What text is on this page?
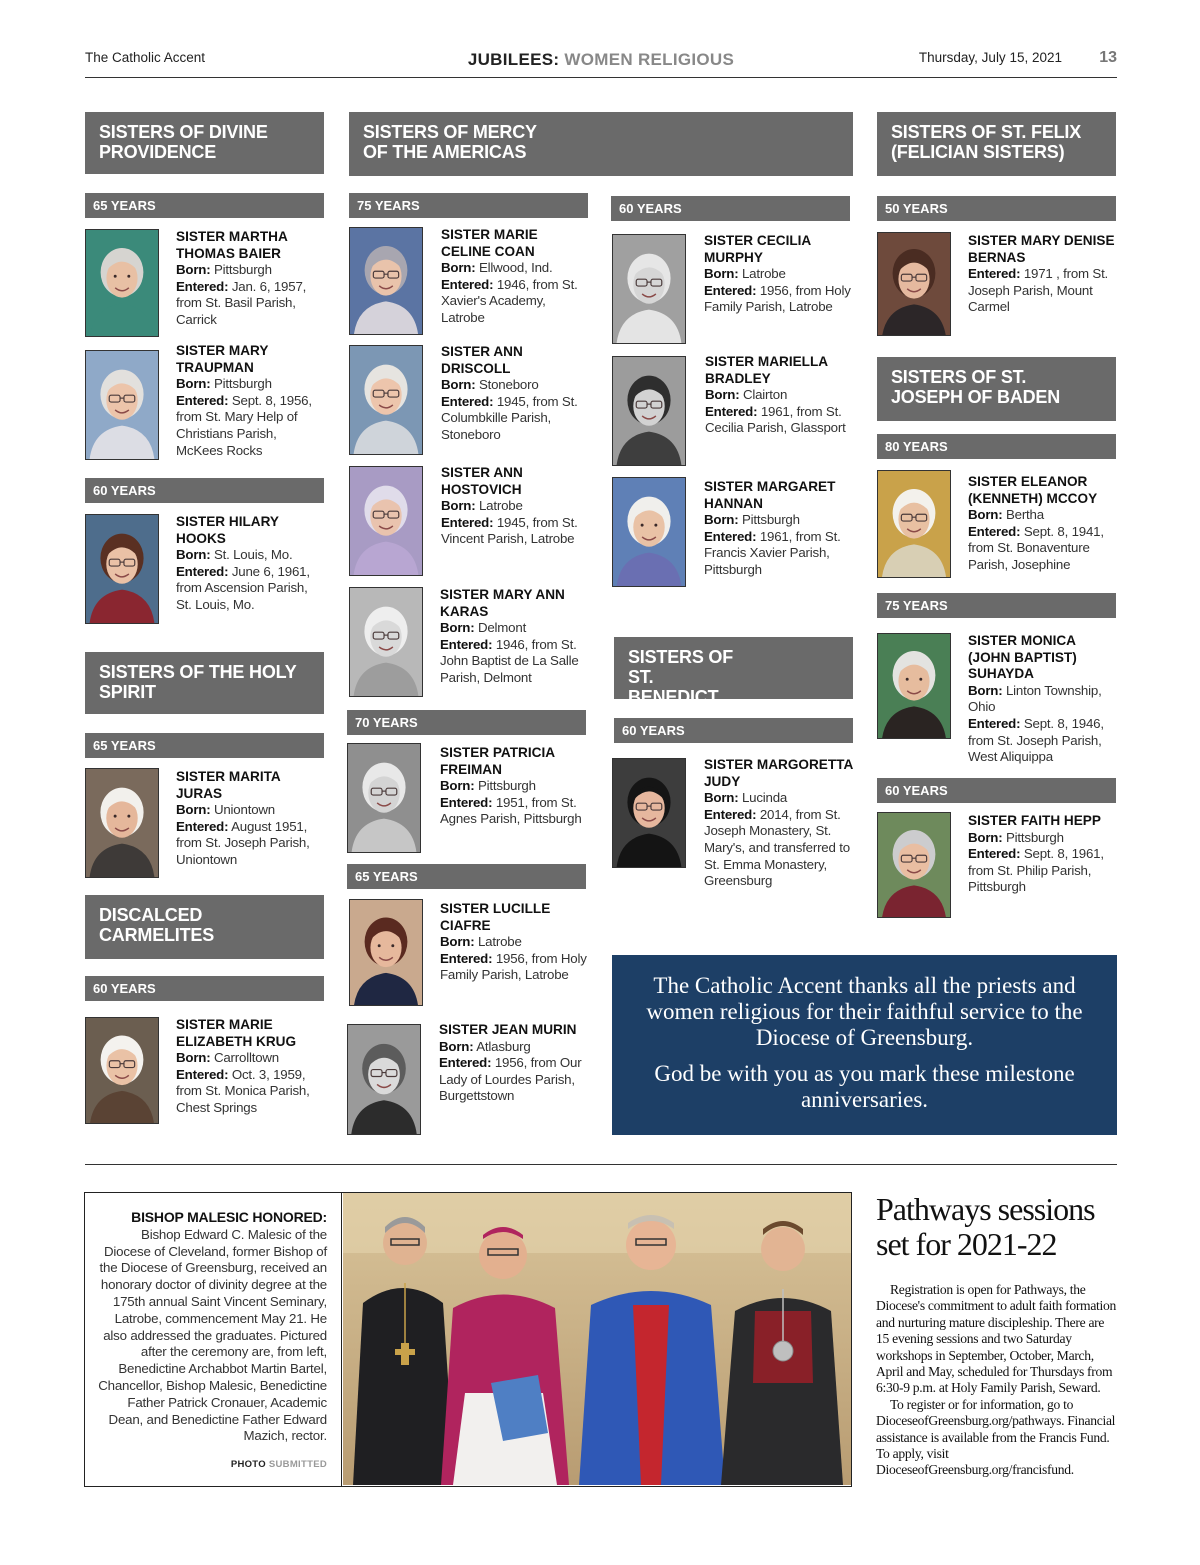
The Catholic Accent	JUBILEES: WOMEN RELIGIOUS	Thursday, July 15, 2021 13
SISTERS OF DIVINE PROVIDENCE
SISTERS OF MERCY OF THE AMERICAS
SISTERS OF ST. FELIX (FELICIAN SISTERS)
SISTERS OF ST. JOSEPH OF BADEN
SISTERS OF THE HOLY SPIRIT
DISCALCED CARMELITES
SISTERS OF ST. BENEDICT
65 YEARS
60 YEARS
65 YEARS
60 YEARS
75 YEARS
70 YEARS
65 YEARS
60 YEARS
60 YEARS
50 YEARS
80 YEARS
75 YEARS
60 YEARS
SISTER MARTHA THOMAS BAIER
Born: Pittsburgh
Entered: Jan. 6, 1957, from St. Basil Parish, Carrick
SISTER MARY TRAUPMAN
Born: Pittsburgh
Entered: Sept. 8, 1956, from St. Mary Help of Christians Parish, McKees Rocks
SISTER HILARY HOOKS
Born: St. Louis, Mo.
Entered: June 6, 1961, from Ascension Parish, St. Louis, Mo.
SISTER MARITA JURAS
Born: Uniontown
Entered: August 1951, from St. Joseph Parish, Uniontown
SISTER MARIE ELIZABETH KRUG
Born: Carrolltown
Entered: Oct. 3, 1959, from St. Monica Parish, Chest Springs
SISTER MARIE CELINE COAN
Born: Ellwood, Ind.
Entered: 1946, from St. Xavier's Academy, Latrobe
SISTER ANN DRISCOLL
Born: Stoneboro
Entered: 1945, from St. Columbkille Parish, Stoneboro
SISTER ANN HOSTOVICH
Born: Latrobe
Entered: 1945, from St. Vincent Parish, Latrobe
SISTER MARY ANN KARAS
Born: Delmont
Entered: 1946, from St. John Baptist de La Salle Parish, Delmont
SISTER PATRICIA FREIMAN
Born: Pittsburgh
Entered: 1951, from St. Agnes Parish, Pittsburgh
SISTER LUCILLE CIAFRE
Born: Latrobe
Entered: 1956, from Holy Family Parish, Latrobe
SISTER JEAN MURIN
Born: Atlasburg
Entered: 1956, from Our Lady of Lourdes Parish, Burgettstown
SISTER CECILIA MURPHY
Born: Latrobe
Entered: 1956, from Holy Family Parish, Latrobe
SISTER MARIELLA BRADLEY
Born: Clairton
Entered: 1961, from St. Cecilia Parish, Glassport
SISTER MARGARET HANNAN
Born: Pittsburgh
Entered: 1961, from St. Francis Xavier Parish, Pittsburgh
SISTER MARGORETTA JUDY
Born: Lucinda
Entered: 2014, from St. Joseph Monastery, St. Mary's, and transferred to St. Emma Monastery, Greensburg
SISTER MARY DENISE BERNAS
Entered: 1971 , from St. Joseph Parish, Mount Carmel
SISTER ELEANOR (KENNETH) MCCOY
Born: Bertha
Entered: Sept. 8, 1941, from St. Bonaventure Parish, Josephine
SISTER MONICA (JOHN BAPTIST) SUHAYDA
Born: Linton Township, Ohio
Entered: Sept. 8, 1946, from St. Joseph Parish, West Aliquippa
SISTER FAITH HEPP
Born: Pittsburgh
Entered: Sept. 8, 1961, from St. Philip Parish, Pittsburgh
The Catholic Accent thanks all the priests and women religious for their faithful service to the Diocese of Greensburg.
God be with you as you mark these milestone anniversaries.
BISHOP MALESIC HONORED: Bishop Edward C. Malesic of the Diocese of Cleveland, former Bishop of the Diocese of Greensburg, received an honorary doctor of divinity degree at the 175th annual Saint Vincent Seminary, Latrobe, commencement May 21. He also addressed the graduates. Pictured after the ceremony are, from left, Benedictine Archabbot Martin Bartel, Chancellor, Bishop Malesic, Benedictine Father Patrick Cronauer, Academic Dean, and Benedictine Father Edward Mazich, rector.
PHOTO SUBMITTED
Pathways sessions set for 2021-22

Registration is open for Pathways, the Diocese's commitment to adult faith formation and nurturing mature discipleship. There are 15 evening sessions and two Saturday workshops in September, October, March, April and May, scheduled for Thursdays from 6:30-9 p.m. at Holy Family Parish, Seward.

To register or for information, go to DioceseofGreensburg.org/pathways. Financial assistance is available from the Francis Fund. To apply, visit DioceseofGreensburg.org/francisfund.
